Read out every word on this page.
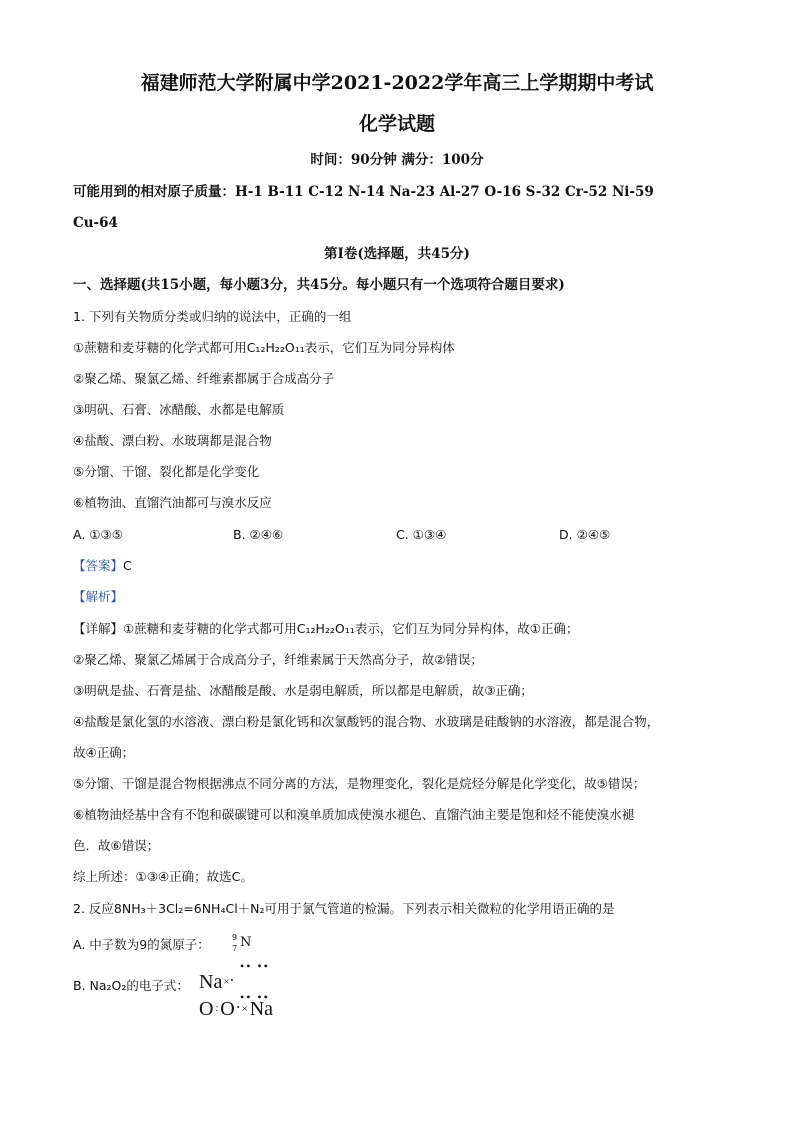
福建师范大学附属中学2021-2022学年高三上学期期中考试
化学试题
时间：90分钟 满分：100分
可能用到的相对原子质量：H-1 B-11 C-12 N-14 Na-23 Al-27 O-16 S-32 Cr-52 Ni-59
Cu-64
第Ⅰ卷(选择题，共45分)
一、选择题(共15小题，每小题3分，共45分。每小题只有一个选项符合题目要求)
1. 下列有关物质分类或归纳的说法中，正确的一组
①蔗糖和麦芽糖的化学式都可用C₁₂H₂₂O₁₁表示，它们互为同分异构体
②聚乙烯、聚氯乙烯、纤维素都属于合成高分子
③明矾、石膏、冰醋酸、水都是电解质
④盐酸、漂白粉、水玻璃都是混合物
⑤分馏、干馏、裂化都是化学变化
⑥植物油、直馏汽油都可与溴水反应
A. ①③⑤	B. ②④⑥	C. ①③④	D. ②④⑤
【答案】C
【解析】
【详解】①蔗糖和麦芽糖的化学式都可用C₁₂H₂₂O₁₁表示，它们互为同分异构体，故①正确；
②聚乙烯、聚氯乙烯属于合成高分子，纤维素属于天然高分子，故②错误；
③明矾是盐、石膏是盐、冰醋酸是酸、水是弱电解质，所以都是电解质，故③正确；
④盐酸是氯化氢的水溶液、漂白粉是氯化钙和次氯酸钙的混合物、水玻璃是硅酸钠的水溶液，都是混合物，
故④正确；
⑤分馏、干馏是混合物根据沸点不同分离的方法，是物理变化，裂化是烷烃分解是化学变化，故⑤错误；
⑥植物油烃基中含有不饱和碳碳键可以和溴单质加成使溴水褪色、直馏汽油主要是饱和烃不能使溴水褪
色．故⑥错误；
综上所述：①③④正确；故选C。
2. 反应8NH₃＋3Cl₂=6NH₄Cl＋N₂可用于氯气管道的检漏。下列表示相关微粒的化学用语正确的是
A. 中子数为9的氮原子：	9
7 N
B. Na₂O₂的电子式： Na×•
O : O • × Na
•• ••
•• ••
